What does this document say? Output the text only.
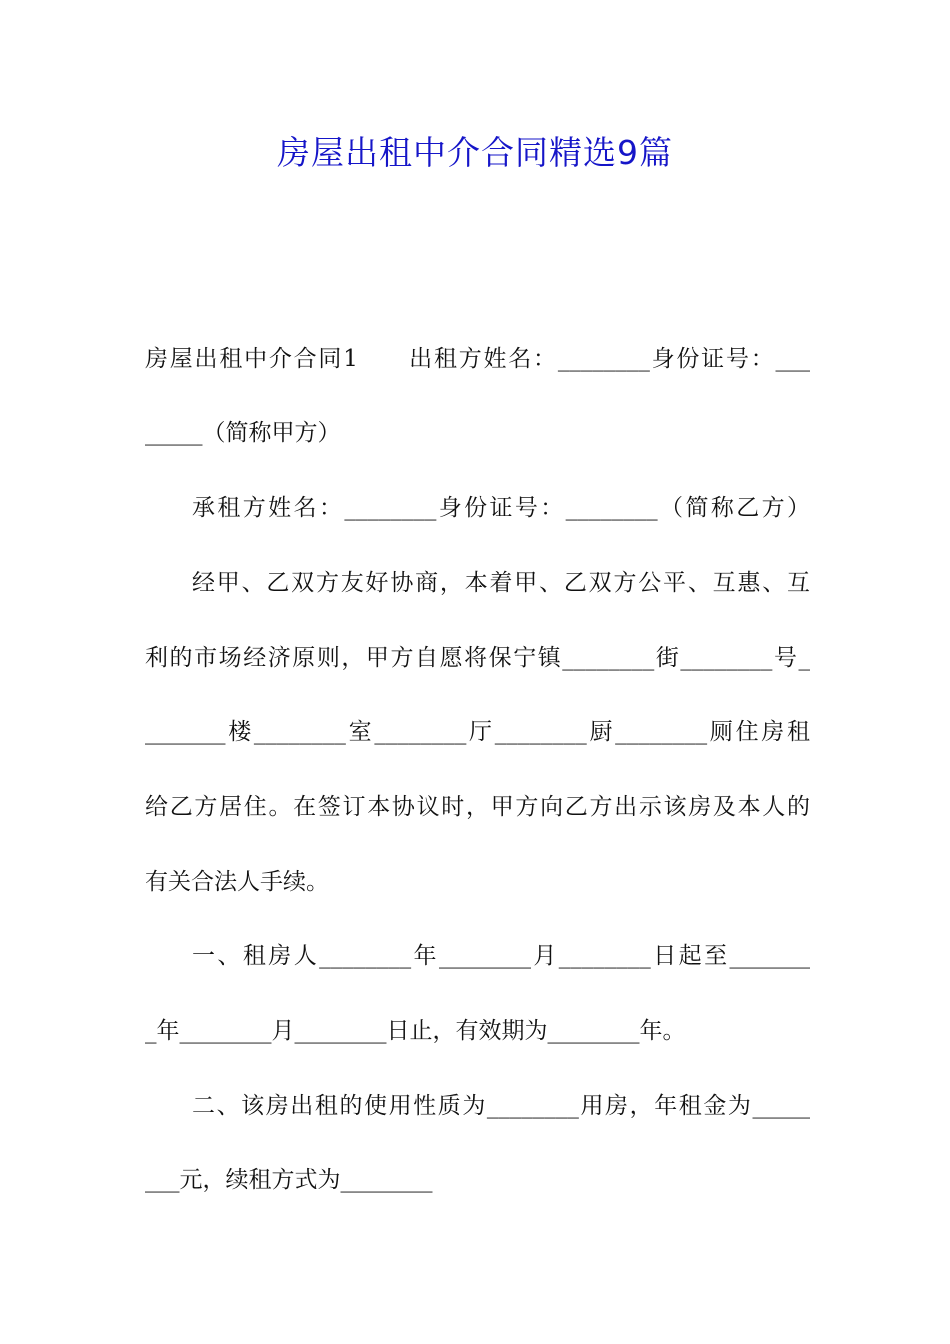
房屋出租中介合同精选9篇

房屋出租中介合同1　　出租方姓名：________身份证号：___

_____（简称甲方）

承租方姓名：________身份证号：________（简称乙方）

经甲、乙双方友好协商，本着甲、乙双方公平、互惠、互

利的市场经济原则，甲方自愿将保宁镇________街________号_

_______楼________室________厅________厨________厕住房租

给乙方居住。在签订本协议时，甲方向乙方出示该房及本人的

有关合法人手续。

一、租房人________年________月________日起至_______

_年________月________日止，有效期为________年。

二、该房出租的使用性质为________用房，年租金为_____

___元，续租方式为________
